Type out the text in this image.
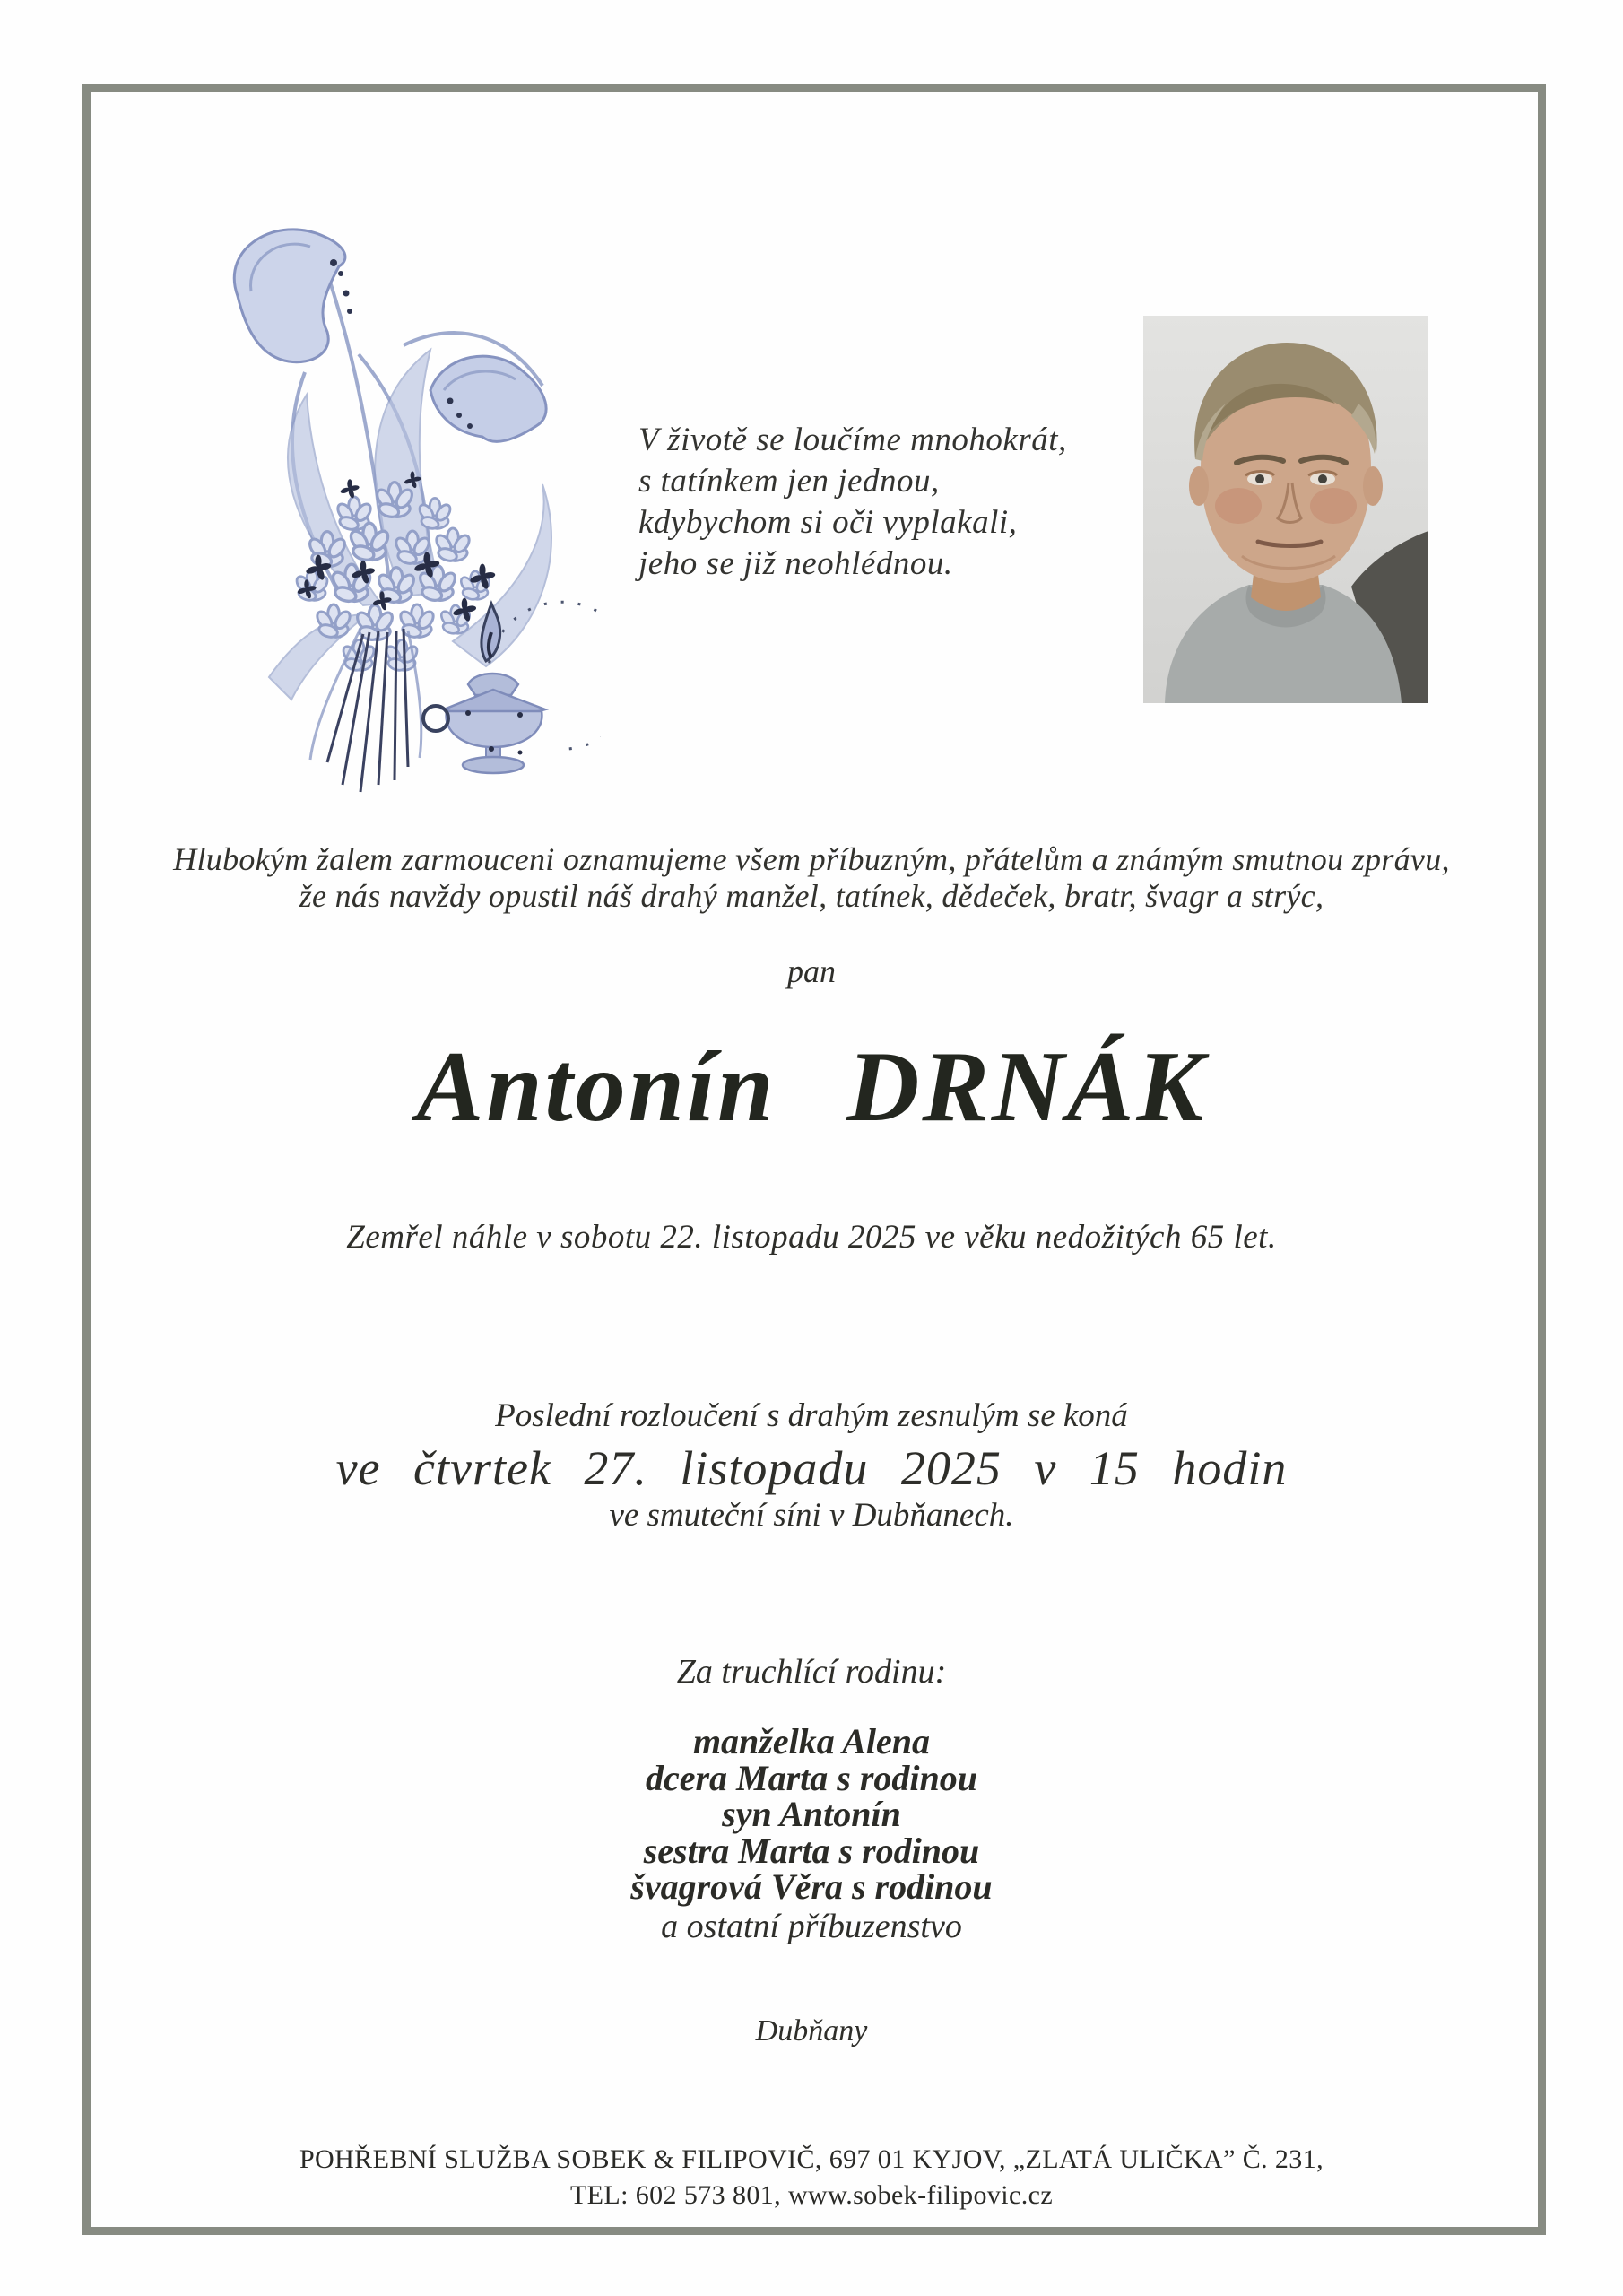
V životě se loučíme mnohokrát,
s tatínkem jen jednou,
kdybychom si oči vyplakali,
jeho se již neohlédnou.
Hlubokým žalem zarmouceni oznamujeme všem příbuzným, přátelům a známým smutnou zprávu,
že nás navždy opustil náš drahý manžel, tatínek, dědeček, bratr, švagr a strýc,
pan
Antonín DRNÁK
Zemřel náhle v sobotu 22. listopadu 2025 ve věku nedožitých 65 let.
Poslední rozloučení s drahým zesnulým se koná
ve čtvrtek 27. listopadu 2025 v 15 hodin
ve smuteční síni v Dubňanech.
Za truchlící rodinu:
manželka Alena
dcera Marta s rodinou
syn Antonín
sestra Marta s rodinou
švagrová Věra s rodinou
a ostatní příbuzenstvo
Dubňany
POHŘEBNÍ SLUŽBA SOBEK & FILIPOVIČ, 697 01 KYJOV, „ZLATÁ ULIČKA” Č. 231,
TEL: 602 573 801, www.sobek-filipovic.cz
